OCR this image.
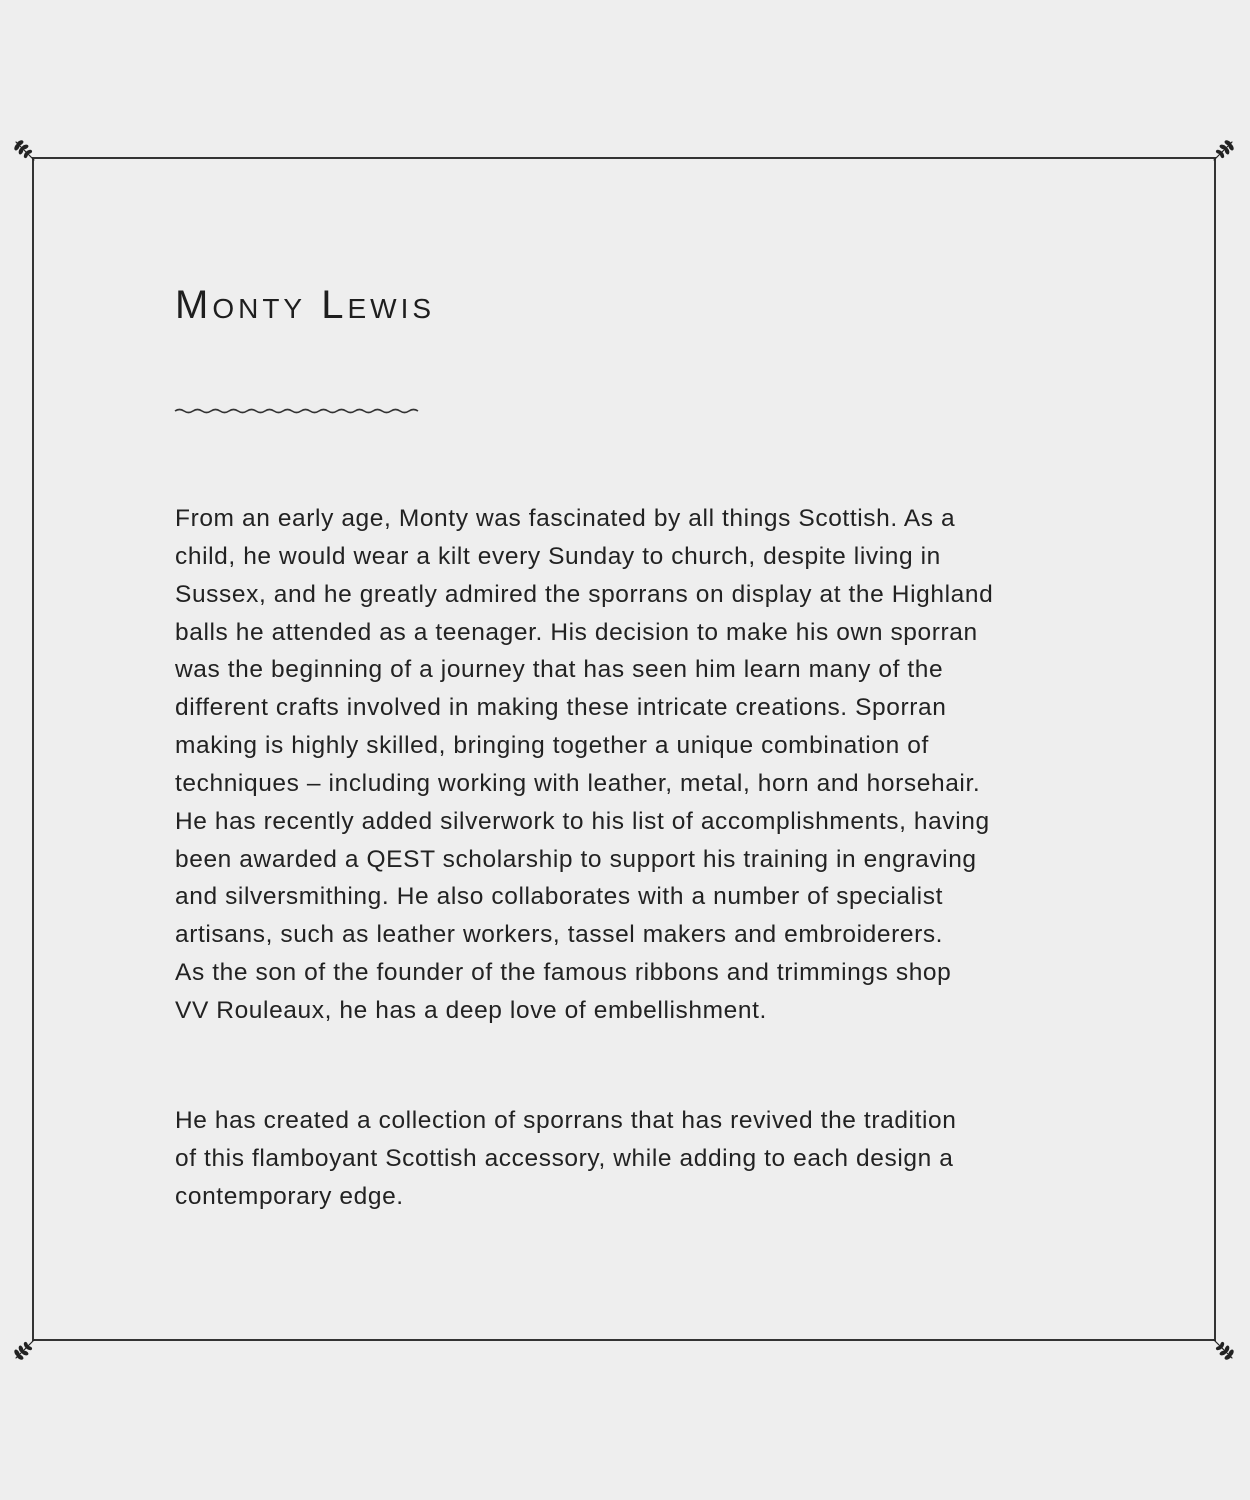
Monty Lewis

From an early age, Monty was fascinated by all things Scottish. As a
child, he would wear a kilt every Sunday to church, despite living in
Sussex, and he greatly admired the sporrans on display at the Highland
balls he attended as a teenager. His decision to make his own sporran
was the beginning of a journey that has seen him learn many of the
different crafts involved in making these intricate creations. Sporran
making is highly skilled, bringing together a unique combination of
techniques – including working with leather, metal, horn and horsehair.
He has recently added silverwork to his list of accomplishments, having
been awarded a QEST scholarship to support his training in engraving
and silversmithing. He also collaborates with a number of specialist
artisans, such as leather workers, tassel makers and embroiderers.
As the son of the founder of the famous ribbons and trimmings shop
VV Rouleaux, he has a deep love of embellishment.

He has created a collection of sporrans that has revived the tradition
of this flamboyant Scottish accessory, while adding to each design a
contemporary edge.
